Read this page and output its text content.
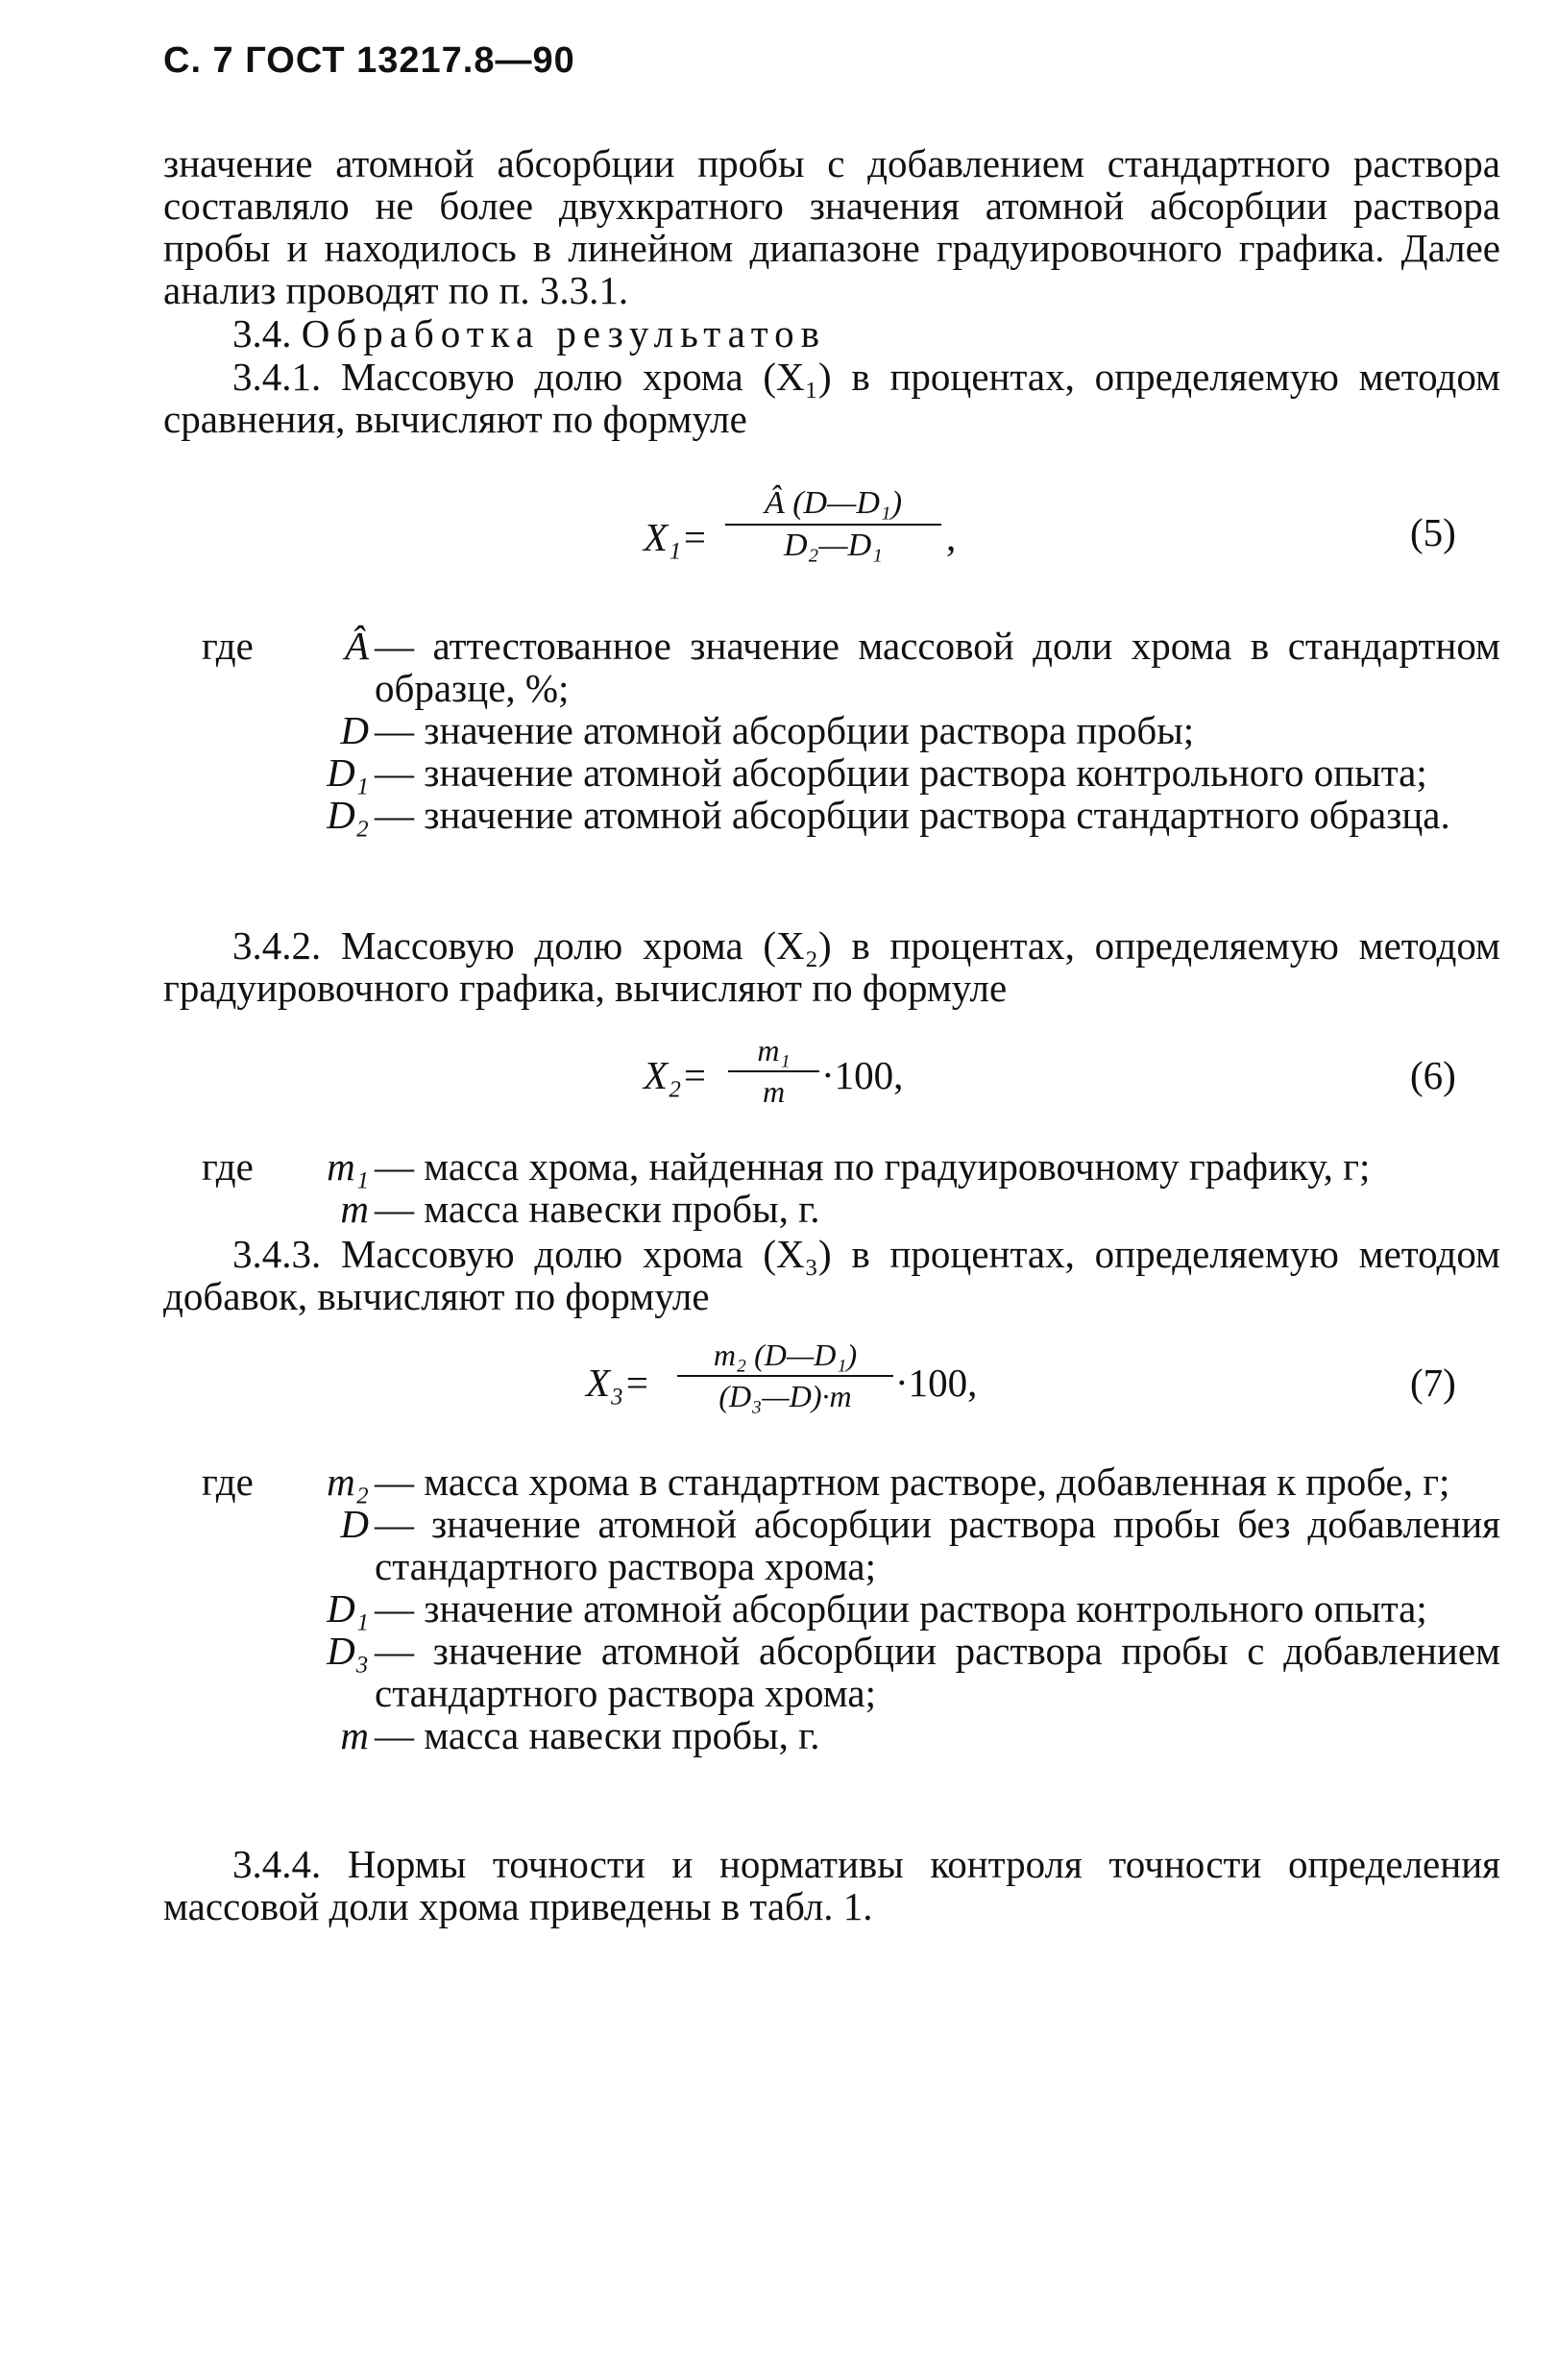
С. 7 ГОСТ 13217.8—90
значение атомной абсорбции пробы с добавлением стандартного раствора составляло не более двухкратного значения атомной абсорбции раствора пробы и находилось в линейном диапазоне градуировочного графика. Далее анализ проводят по п. 3.3.1.
3.4. Обработка результатов
3.4.1. Массовую долю хрома (X₁) в процентах, определяемую методом сравнения, вычисляют по формуле
X₁=
Â (D—D₁)
D₂—D₁ ,	(5)
где Â — аттестованное значение массовой доли хрома в стандартном образце, %;
D — значение атомной абсорбции раствора пробы;
D₁ — значение атомной абсорбции раствора контрольного опыта;
D₂ — значение атомной абсорбции раствора стандартного образца.
3.4.2. Массовую долю хрома (X₂) в процентах, определяемую методом градуировочного графика, вычисляют по формуле
X₂=
m₁
m ·100,	(6)
где m₁ — масса хрома, найденная по градуировочному графику, г;
m — масса навески пробы, г.
3.4.3. Массовую долю хрома (X₃) в процентах, определяемую методом добавок, вычисляют по формуле
X₃=
m₂ (D—D₁)
(D₃—D)·m ·100,	(7)
где m₂ — масса хрома в стандартном растворе, добавленная к пробе, г;
D — значение атомной абсорбции раствора пробы без добавления стандартного раствора хрома;
D₁ — значение атомной абсорбции раствора контрольного опыта;
D₃ — значение атомной абсорбции раствора пробы с добавлением стандартного раствора хрома;
m — масса навески пробы, г.
3.4.4. Нормы точности и нормативы контроля точности определения массовой доли хрома приведены в табл. 1.
